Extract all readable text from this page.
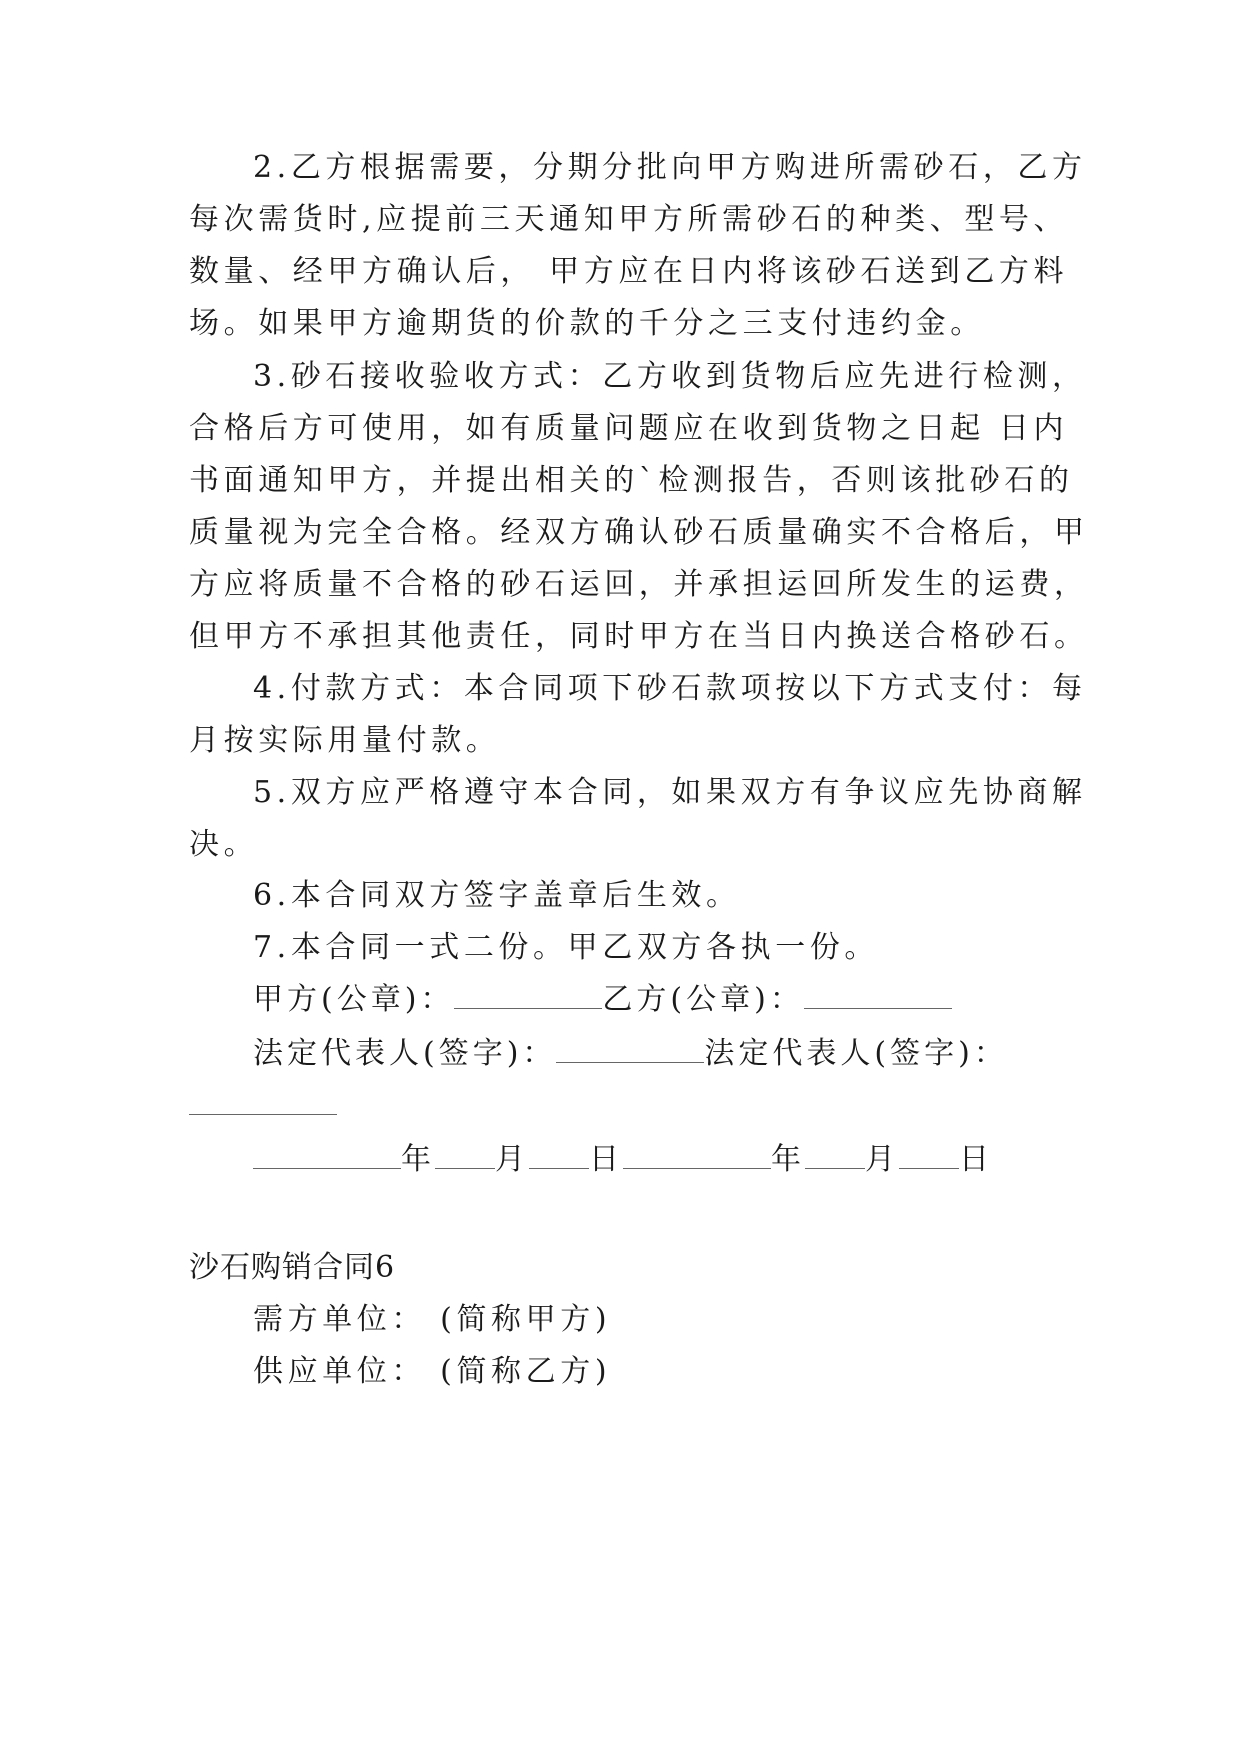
2.乙方根据需要，分期分批向甲方购进所需砂石，乙方
每次需货时,应提前三天通知甲方所需砂石的种类、型号、
数量、经甲方确认后， 甲方应在日内将该砂石送到乙方料
场。如果甲方逾期货的价款的千分之三支付违约金。
3.砂石接收验收方式：乙方收到货物后应先进行检测，
合格后方可使用，如有质量问题应在收到货物之日起 日内
书面通知甲方，并提出相关的`检测报告，否则该批砂石的
质量视为完全合格。经双方确认砂石质量确实不合格后，甲
方应将质量不合格的砂石运回，并承担运回所发生的运费，
但甲方不承担其他责任，同时甲方在当日内换送合格砂石。
4.付款方式：本合同项下砂石款项按以下方式支付：每
月按实际用量付款。
5.双方应严格遵守本合同，如果双方有争议应先协商解
决。
6.本合同双方签字盖章后生效。
7.本合同一式二份。甲乙双方各执一份。
甲方(公章)：	乙方(公章)：
法定代表人(签字)：	法定代表人(签字)：
年 月 日	年 月 日
沙石购销合同6
需方单位： (简称甲方)
供应单位： (简称乙方)
